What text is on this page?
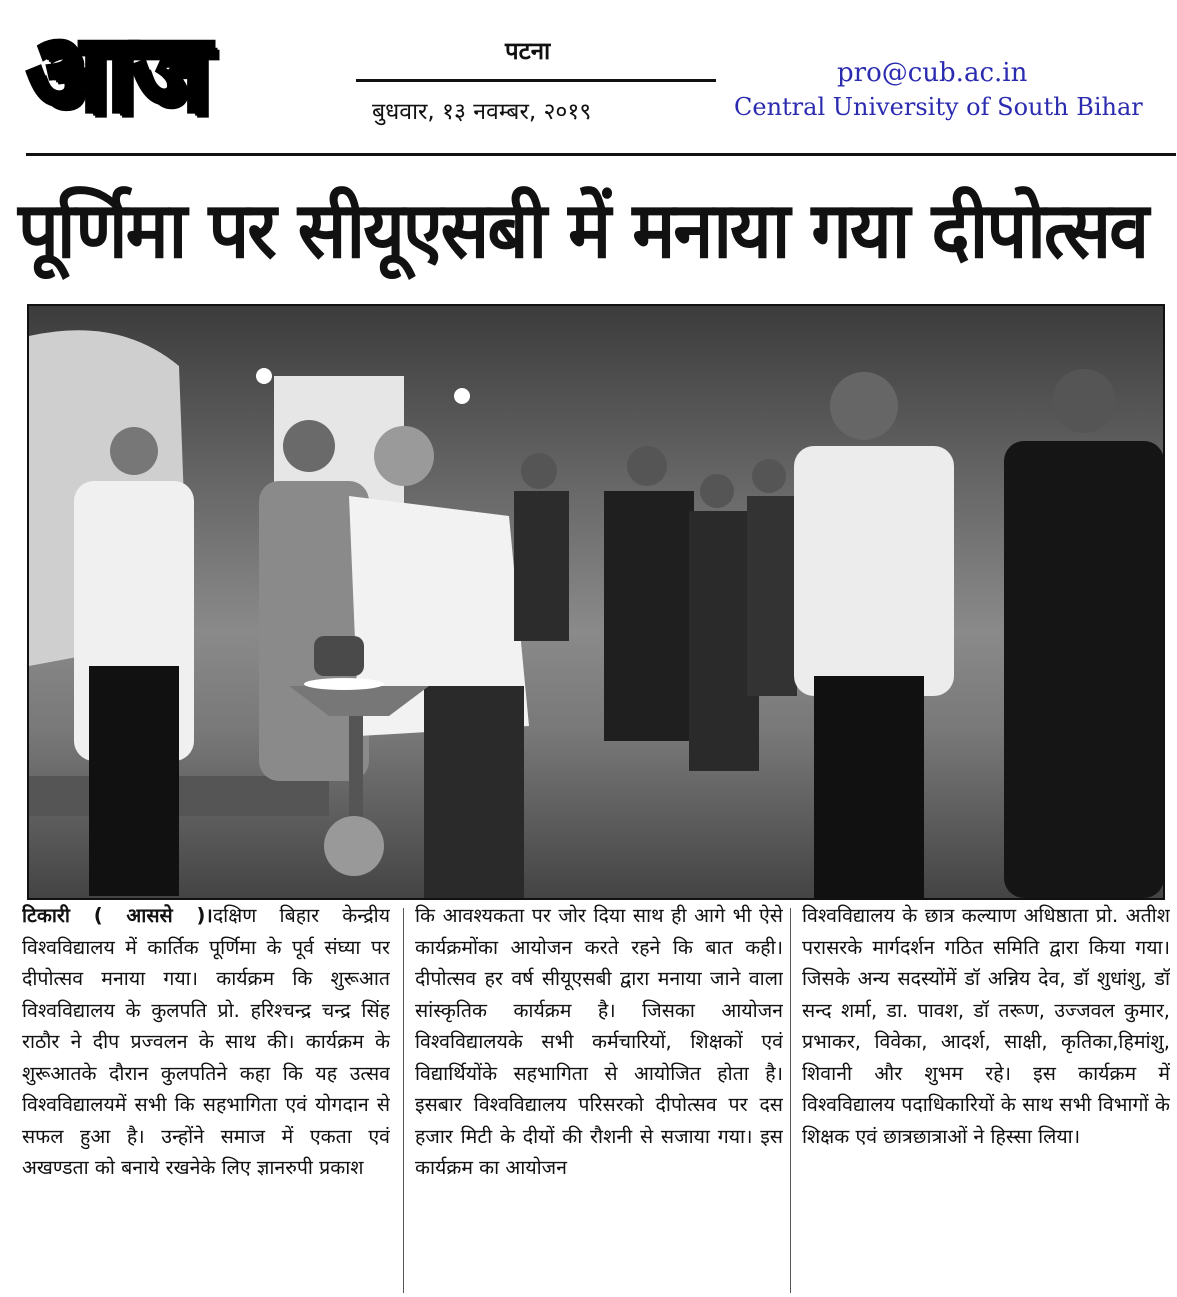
आज	पटना
बुधवार, १३ नवम्बर, २०१९
pro@cub.ac.in
Central University of South Bihar
पूर्णिमा पर सीयूएसबी में मनाया गया दीपोत्सव
टिकारी ( आससे )।दक्षिण बिहार केन्द्रीय विश्वविद्यालय में कार्तिक पूर्णिमा के पूर्व संघ्या पर दीपोत्सव मनाया गया। कार्यक्रम कि शुरूआत विश्वविद्यालय के कुलपति प्रो. हरिश्चन्द्र चन्द्र सिंह राठौर ने दीप प्रज्वलन के साथ की। कार्यक्रम के शुरूआतके दौरान कुलपतिने कहा कि यह उत्सव विश्वविद्यालयमें सभी कि सहभागिता एवं योगदान से सफल हुआ है। उन्होंने समाज में एकता एवं अखण्डता को बनाये रखनेके लिए ज्ञानरुपी प्रकाश
कि आवश्यकता पर जोर दिया साथ ही आगे भी ऐसे कार्यक्रमोंका आयोजन करते रहने कि बात कही। दीपोत्सव हर वर्ष सीयूएसबी द्वारा मनाया जाने वाला सांस्कृतिक कार्यक्रम है। जिसका आयोजन विश्वविद्यालयके सभी कर्मचारियों, शिक्षकों एवं विद्यार्थियोंके सहभागिता से आयोजित होता है। इसबार विश्वविद्यालय परिसरको दीपोत्सव पर दस हजार मिटी के दीयों की रौशनी से सजाया गया। इस कार्यक्रम का आयोजन
विश्वविद्यालय के छात्र कल्याण अधिष्ठाता प्रो. अतीश परासरके मार्गदर्शन गठित समिति द्वारा किया गया। जिसके अन्य सदस्योंमें डॉ अन्निय देव, डॉ शुधांशु, डॉ सन्द शर्मा, डा. पावश, डॉ तरूण, उज्जवल कुमार, प्रभाकर, विवेका, आदर्श, साक्षी, कृतिका,हिमांशु, शिवानी और शुभम रहे। इस कार्यक्रम में विश्वविद्यालय पदाधिकारियों के साथ सभी विभागों के शिक्षक एवं छात्रछात्राओं ने हिस्सा लिया।
